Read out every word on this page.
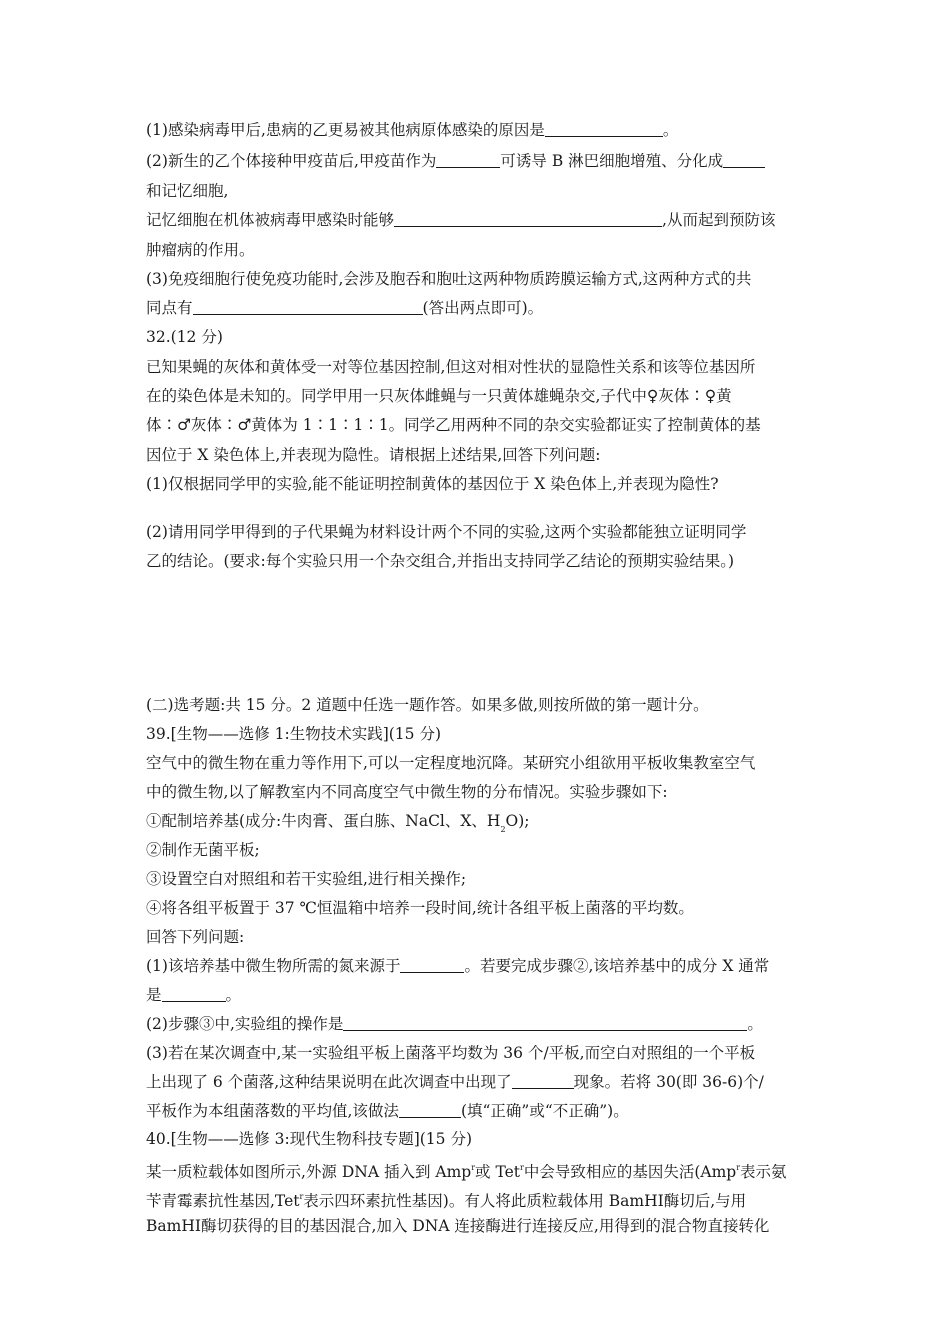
(1)感染病毒甲后,患病的乙更易被其他病原体感染的原因是	。
(2)新生的乙个体接种甲疫苗后,甲疫苗作为	可诱导 B 淋巴细胞增殖、分化成
和记忆细胞,
记忆细胞在机体被病毒甲感染时能够	,从而起到预防该
肿瘤病的作用。
(3)免疫细胞行使免疫功能时,会涉及胞吞和胞吐这两种物质跨膜运输方式,这两种方式的共
同点有	(答出两点即可)。
32.(12 分)
已知果蝇的灰体和黄体受一对等位基因控制,但这对相对性状的显隐性关系和该等位基因所
在的染色体是未知的。同学甲用一只灰体雌蝇与一只黄体雄蝇杂交,子代中♀灰体∶♀黄
体∶♂灰体∶♂黄体为 1∶1∶1∶1。同学乙用两种不同的杂交实验都证实了控制黄体的基
因位于 X 染色体上,并表现为隐性。请根据上述结果,回答下列问题:
(1)仅根据同学甲的实验,能不能证明控制黄体的基因位于 X 染色体上,并表现为隐性?
(2)请用同学甲得到的子代果蝇为材料设计两个不同的实验,这两个实验都能独立证明同学
乙的结论。(要求:每个实验只用一个杂交组合,并指出支持同学乙结论的预期实验结果。)
(二)选考题:共 15 分。2 道题中任选一题作答。如果多做,则按所做的第一题计分。
39.[生物——选修 1:生物技术实践](15 分)
空气中的微生物在重力等作用下,可以一定程度地沉降。某研究小组欲用平板收集教室空气
中的微生物,以了解教室内不同高度空气中微生物的分布情况。实验步骤如下:
①配制培养基(成分:牛肉膏、蛋白胨、NaCl、X、$H_2O$);
②制作无菌平板;
③设置空白对照组和若干实验组,进行相关操作;
④将各组平板置于 37 ℃恒温箱中培养一段时间,统计各组平板上菌落的平均数。
回答下列问题:
(1)该培养基中微生物所需的氮来源于	。若要完成步骤②,该培养基中的成分 X 通常
是	。
(2)步骤③中,实验组的操作是	。
(3)若在某次调查中,某一实验组平板上菌落平均数为 36 个/平板,而空白对照组的一个平板
上出现了 6 个菌落,这种结果说明在此次调查中出现了	现象。若将 30(即 36-6)个/
平板作为本组菌落数的平均值,该做法	(填“正确”或“不正确”)。
40.[生物——选修 3:现代生物科技专题](15 分)
某一质粒载体如图所示,外源 DNA 插入到 Amp$^r$或 Tet$^r$中会导致相应的基因失活(Amp$^r$表示氨
苄青霉素抗性基因,Tet$^r$表示四环素抗性基因)。有人将此质粒载体用 BamHⅠ酶切后,与用
BamHⅠ酶切获得的目的基因混合,加入 DNA 连接酶进行连接反应,用得到的混合物直接转化
